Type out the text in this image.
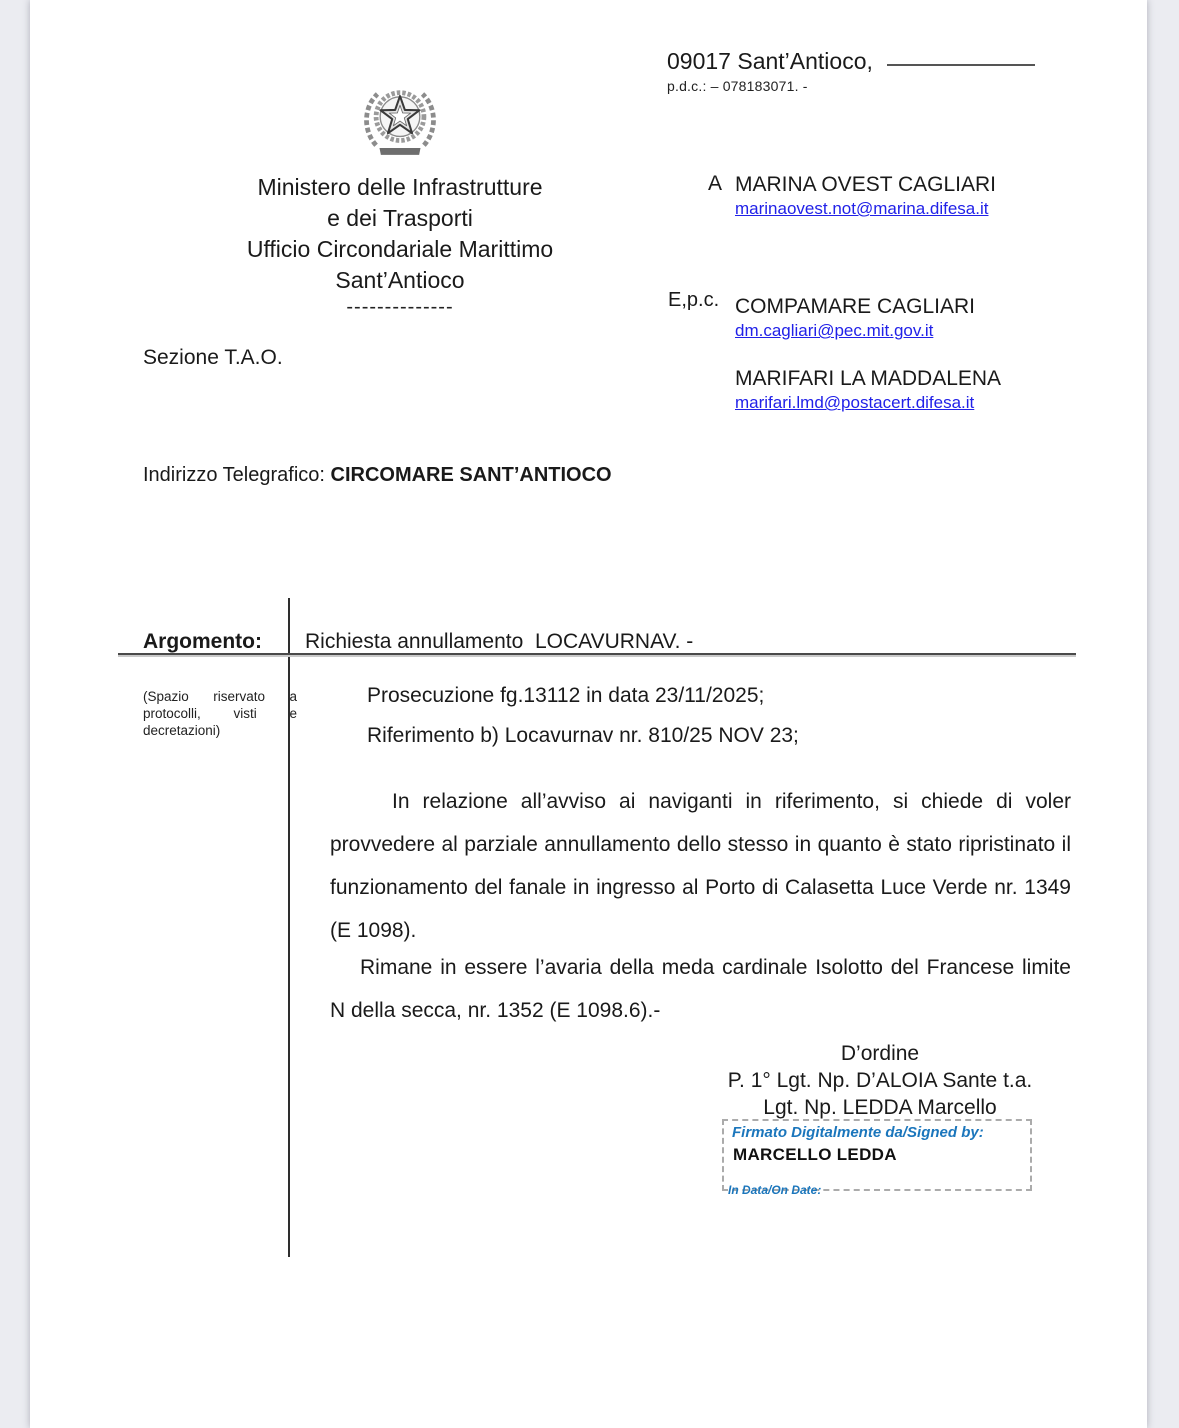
09017 Sant’Antioco,
p.d.c.: – 078183071. -
Ministero delle Infrastrutture
e dei Trasporti
Ufficio Circondariale Marittimo
Sant’Antioco
--------------
Sezione T.A.O.
A MARINA OVEST CAGLIARI
marinaovest.not@marina.difesa.it
E,p.c. COMPAMARE CAGLIARI
dm.cagliari@pec.mit.gov.it
MARIFARI LA MADDALENA
marifari.lmd@postacert.difesa.it
Indirizzo Telegrafico: CIRCOMARE SANT’ANTIOCO
Argomento: Richiesta annullamento  LOCAVURNAV. -
(Spazio riservato a protocolli, visti e decretazioni)
Prosecuzione fg.13112 in data 23/11/2025;
Riferimento b) Locavurnav nr. 810/25 NOV 23;

In relazione all’avviso ai naviganti in riferimento, si chiede di voler provvedere al parziale annullamento dello stesso in quanto è stato ripristinato il funzionamento del fanale in ingresso al Porto di Calasetta Luce Verde nr. 1349 (E 1098).

Rimane in essere l’avaria della meda cardinale Isolotto del Francese limite N della secca, nr. 1352 (E 1098.6).-

D’ordine
P. 1° Lgt. Np. D’ALOIA Sante t.a.
Lgt. Np. LEDDA Marcello
Firmato Digitalmente da/Signed by:
MARCELLO LEDDA
In Data/On Date:
